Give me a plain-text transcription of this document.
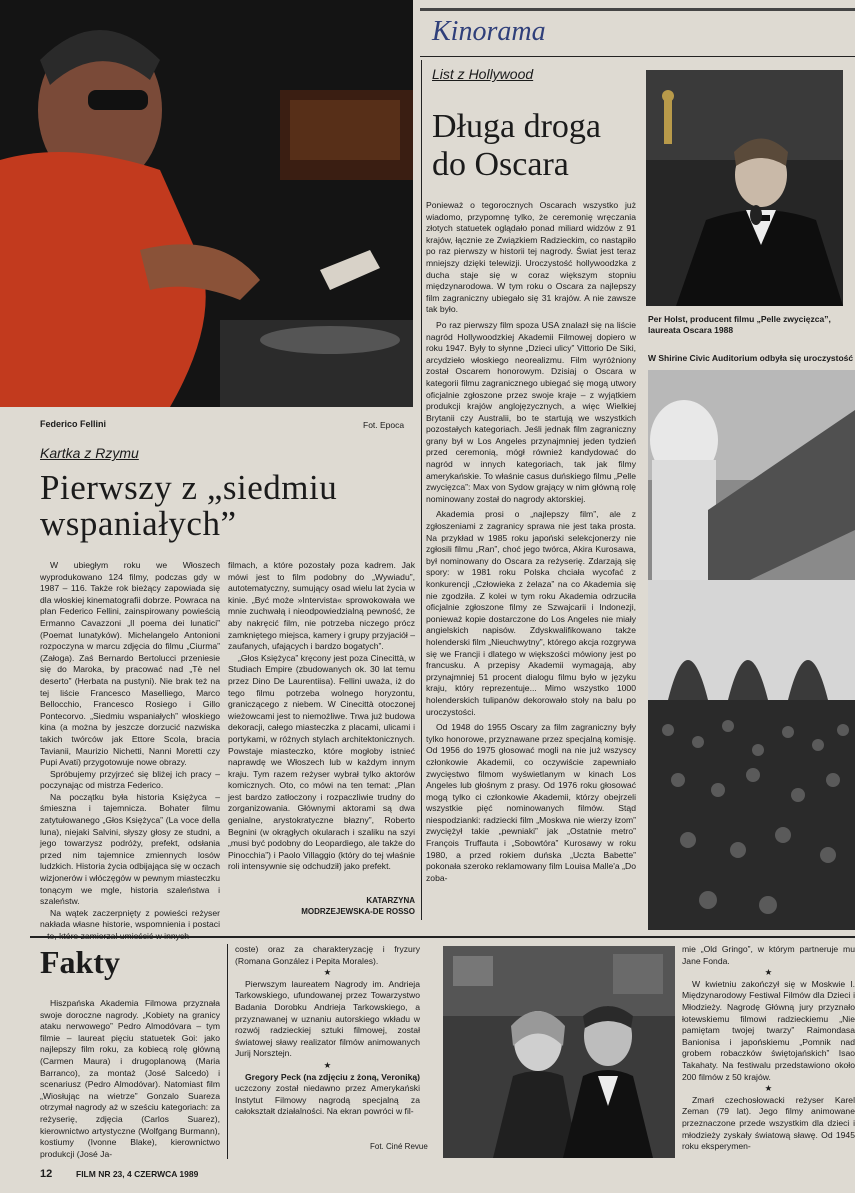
Federico Fellini	Fot. Epoca
Kartka z Rzymu
Pierwszy z „siedmiu
wspaniałych”

W ubiegłym roku we Włoszech wyprodukowano 124 filmy, podczas gdy w 1987 – 116. Także rok bieżący zapowiada się dla włoskiej kinematografii dobrze. Powraca na plan Federico Fellini, zainspirowany powieścią Ermanno Cavazzoni „Il poema dei lunatici” (Poemat lunatyków). Michelangelo Antonioni rozpoczyna w marcu zdjęcia do filmu „Ciurma” (Załoga). Zaś Bernardo Bertolucci przeniesie się do Maroka, by pracować nad „Tè nel deserto” (Herbata na pustyni). Nie brak też na tej liście Francesco Maselliego, Marco Bellocchio, Francesco Rosiego i Gillo Pontecorvo. „Siedmiu wspaniałych” włoskiego kina (a można by jeszcze dorzucić nazwiska takich twórców jak Ettore Scola, bracia Tavianii, Maurizio Nichetti, Nanni Moretti czy Pupi Avati) przygotowuje nowe obrazy.

Spróbujemy przyjrzeć się bliżej ich pracy – poczynając od mistrza Federico.

Na początku była historia Księżyca – śmieszna i tajemnicza. Bohater filmu zatytułowanego „Głos Księżyca” (La voce della luna), niejaki Salvini, słyszy głosy ze studni, a jego towarzysz podróży, prefekt, odsłania przed nim tajemnice zmiennych losów ludzkich. Historia życia odbijająca się w oczach wizjonerów i włóczęgów w pewnym miasteczku tonącym we mgle, historia szaleństwa i szaleństw.

Na wątek zaczerpnięty z powieści reżyser nakłada własne historie, wspomnienia i postaci

filmach, a które pozostały poza kadrem. Jak mówi jest to film podobny do „Wywiadu”, autotematyczny, sumujący osad wielu lat życia w kinie. „Być może »Intervista« sprowokowała we mnie zuchwałą i nieodpowiedzialną pewność, że aby nakręcić film, nie potrzeba niczego prócz zamkniętego miejsca, kamery i grupy przyjaciół – zaufanych, ufających i bardzo bogatych”.

„Głos Księżyca” kręcony jest poza Cinecittà, w Studiach Empire (zbudowanych ok. 30 lat temu przez Dino De Laurentiisa). Fellini uważa, iż do tego filmu potrzeba wolnego horyzontu, graniczącego z niebem. W Cinecittà otoczonej wieżowcami jest to niemożliwe. Trwa już budowa dekoracji, całego miasteczka z placami, ulicami i portykami, w różnych stylach architektonicznych. Powstaje miasteczko, które mogłoby istnieć naprawdę we Włoszech lub w każdym innym kraju. Tym razem reżyser wybrał tylko aktorów komicznych. Oto, co mówi na ten temat: „Plan jest bardzo zatłoczony i rozpaczliwie trudny do zorganizowania. Głównymi aktorami są dwa genialne, arystokratyczne błazny”, Roberto Begnini (w okrągłych okularach i szaliku na szyi „musi być podobny do Leopardiego, ale także do Pinocchia”) i Paolo Villaggio (który do tej właśnie roli intensywnie się odchudził) jako prefekt.

KATARZYNA
MODRZEJEWSKA-DE ROSSO
Kinorama
List z Hollywood
Długa droga
do Oscara

Ponieważ o tegorocznych Oscarach wszystko już wiadomo, przypomnę tylko, że ceremonię wręczania złotych statuetek oglądało ponad miliard widzów z 91 krajów, łącznie ze Związkiem Radzieckim, co nastąpiło po raz pierwszy w historii tej nagrody. Świat jest teraz mniejszy dzięki telewizji. Uroczystość hollywoodzka z ducha staje się w coraz większym stopniu międzynarodowa. W tym roku o Oscara za najlepszy film zagraniczny ubiegało się 31 krajów. A nie zawsze tak było.

Po raz pierwszy film spoza USA znalazł się na liście nagród Hollywoodzkiej Akademii Filmowej dopiero w roku 1947. Były to słynne „Dzieci ulicy” Vittorio De Siki, arcydzieło włoskiego neorealizmu. Film wyróżniony został Oscarem honorowym. Dzisiaj o Oscara w kategorii filmu zagranicznego ubiegać się mogą utwory oficjalnie zgłoszone przez swoje kraje – z wyjątkiem produkcji krajów anglojęzycznych, a więc Wielkiej Brytanii czy Australii, bo te startują we wszystkich pozostałych kategoriach. Jeśli jednak film zagraniczny grany był w Los Angeles przynajmniej jeden tydzień przed ceremonią, mógł również kandydować do nagród w innych kategoriach, tak jak filmy amerykańskie. To właśnie casus duńskiego filmu „Pelle zwycięzca”: Max von Sydow grający w nim główną rolę nominowany został do nagrody aktorskiej.

Akademia prosi o „najlepszy film”, ale z zgłoszeniami z zagranicy sprawa nie jest taka prosta. Na przykład w 1985 roku japoński selekcjonerzy nie zgłosili filmu „Ran”, choć jego twórca, Akira Kurosawa, był nominowany do Oscara za reżyserię. Zdarzają się spory: w 1981 roku Polska chciała wycofać z konkurencji „Człowieka z żelaza” na co Akademia się nie zgodziła. Z kolei w tym roku Akademia odrzuciła oficjalnie zgłoszone filmy ze Szwajcarii i Indonezji, ponieważ kopie dostarczone do Los Angeles nie miały angielskich napisów. Zdyskwalifikowano także holenderski film „Nieuchwytny”, którego akcja rozgrywa się we Francji i dlatego w większości mówiony jest po francusku. A przepisy Akademii wymagają, aby przynajmniej 51 procent dialogu filmu było w języku kraju, który reprezentuje... Mimo wszystko 1000 holenderskich tulipanów dekorowało stoły na balu po uroczystości.

Od 1948 do 1955 Oscary za film zagraniczny były tylko honorowe, przyznawane przez specjalną komisję. Od 1956 do 1975 głosować mogli na nie już wszyscy członkowie Akademii, co oczywiście zapewniało zwycięstwo filmom wyświetlanym w kinach Los Angeles lub głośnym z prasy. Od 1976 roku głosować mogą tylko ci członkowie Akademii, którzy obejrzeli wszystkie pięć nominowanych filmów. Stąd niespodzianki: radziecki film „Moskwa nie wierzy łzom” zwyciężył takie „pewniaki” jak „Ostatnie metro” François Truffauta i „Sobowtóra” Kurosawy w roku 1980, a przed rokiem duńska „Uczta Babette” pokonała szeroko reklamowany film Louisa Malle'a „Do zoba-

Per Holst, producent filmu „Pelle zwycięzca”,
laureata Oscara 1988
W Shirine Civic Auditorium odbyła się uroczystość
Fakty

Hiszpańska Akademia Filmowa przyznała swoje doroczne nagrody. „Kobiety na granicy ataku nerwowego” Pedro Almodóvara – tym filmie – laureat pięciu statuetek Goi: jako najlepszy film roku, za kobiecą rolę główną (Carmen Maura) i drugoplanową (Maria Barranco), za montaż (José Salcedo) i scenariusz (Pedro Almodóvar). Natomiast film „Wiosłując na wietrze” Gonzalo Suareza otrzymał nagrody aż w sześciu kategoriach: za reżyserię, zdjęcia (Carlos Suarez), kierownictwo artystyczne (Wolfgang Burmann), kostiumy (Ivonne Blake), kierownictwo produkcji (José Ja-

coste) oraz za charakteryzację i fryzury (Romana González i Pepita Morales).

★

Pierwszym laureatem Nagrody im. Andrieja Tarkowskiego, ufundowanej przez Towarzystwo Badania Dorobku Andrieja Tarkowskiego, a przyznawanej w uznaniu autorskiego wkładu w rozwój radzieckiej sztuki filmowej, został światowej sławy realizator filmów animowanych Jurij Norsztejn.

★

Gregory Peck (na zdjęciu z żoną, Veroniką) uczczony został niedawno przez Amerykański Instytut Filmowy nagrodą specjalną za całokształt działalności. Na ekran powróci w fil-

Fot. Ciné Revue

mie „Old Gringo”, w którym partneruje mu Jane Fonda.

★

W kwietniu zakończył się w Moskwie I. Międzynarodowy Festiwal Filmów dla Dzieci i Młodzieży. Nagrodę Główną jury przyznało łotewskiemu filmowi radzieckiemu „Nie pamiętam twojej twarzy” Raimondasa Banionisa i japońskiemu „Pomnik nad grobem robaczków świętojańskich” Isao Takahaty. Na festiwalu przedstawiono około 200 filmów z 50 krajów.

★

Zmarł czechosłowacki reżyser Karel Zeman (79 lat). Jego filmy animowane przeznaczone przede wszystkim dla dzieci i młodzieży zyskały światową sławę. Od 1945 roku eksperymen-

12	FILM NR 23, 4 CZERWCA 1989
